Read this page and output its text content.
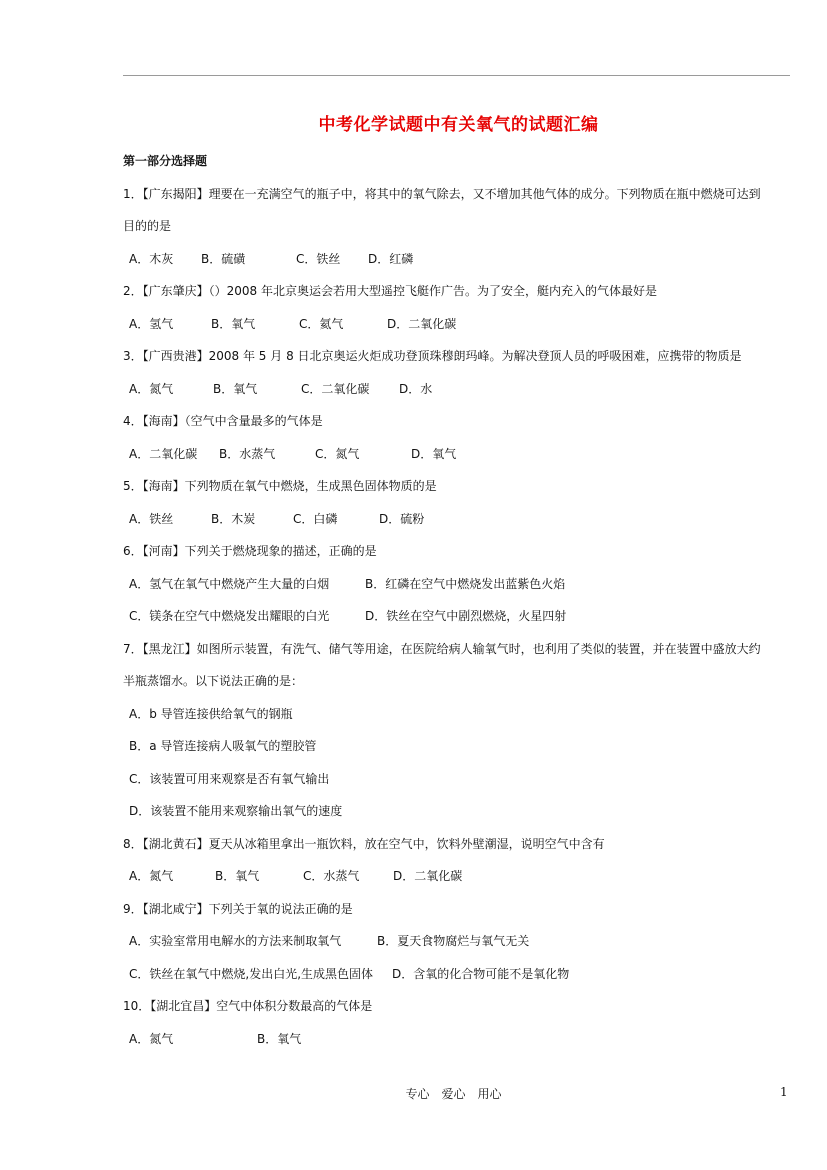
中考化学试题中有关氧气的试题汇编
第一部分选择题
1．【广东揭阳】理要在一充满空气的瓶子中，将其中的氧气除去，又不增加其他气体的成分。下列物质在瓶中燃烧可达到
目的的是
A．木灰 B．硫磺	C．铁丝 D．红磷
2．【广东肇庆】（）2008 年北京奥运会若用大型遥控飞艇作广告。为了安全，艇内充入的气体最好是
A．氢气	B．氧气	C．氦气	D．二氧化碳
3．【广西贵港】2008 年 5 月 8 日北京奥运火炬成功登顶珠穆朗玛峰。为解决登顶人员的呼吸困难，应携带的物质是
A．氮气	B．氧气	C．二氧化碳 D．水
4．【海南】（空气中含量最多的气体是
A．二氧化碳 B．水蒸气	C．氮气	D．氧气
5．【海南】下列物质在氧气中燃烧，生成黑色固体物质的是
A．铁丝	B．木炭	C．白磷	D．硫粉
6．【河南】下列关于燃烧现象的描述，正确的是
A．氢气在氧气中燃烧产生大量的白烟	B．红磷在空气中燃烧发出蓝紫色火焰
C．镁条在空气中燃烧发出耀眼的白光	D．铁丝在空气中剧烈燃烧，火星四射
7．【黑龙江】如图所示装置，有洗气、储气等用途，在医院给病人输氧气时，也利用了类似的装置，并在装置中盛放大约
半瓶蒸馏水。以下说法正确的是：
A．b 导管连接供给氧气的钢瓶
B．a 导管连接病人吸氧气的塑胶管
C．该装置可用来观察是否有氧气输出
D．该装置不能用来观察输出氧气的速度
8．【湖北黄石】夏天从冰箱里拿出一瓶饮料，放在空气中，饮料外壁潮湿，说明空气中含有
A．氮气	B．氧气	C．水蒸气	D．二氧化碳
9．【湖北咸宁】下列关于氧的说法正确的是
A．实验室常用电解水的方法来制取氧气	B．夏天食物腐烂与氧气无关
C．铁丝在氧气中燃烧,发出白光,生成黑色固体 D．含氧的化合物可能不是氧化物
10．【湖北宜昌】空气中体积分数最高的气体是
A．氮气	B．氧气
专心　爱心　用心	1
